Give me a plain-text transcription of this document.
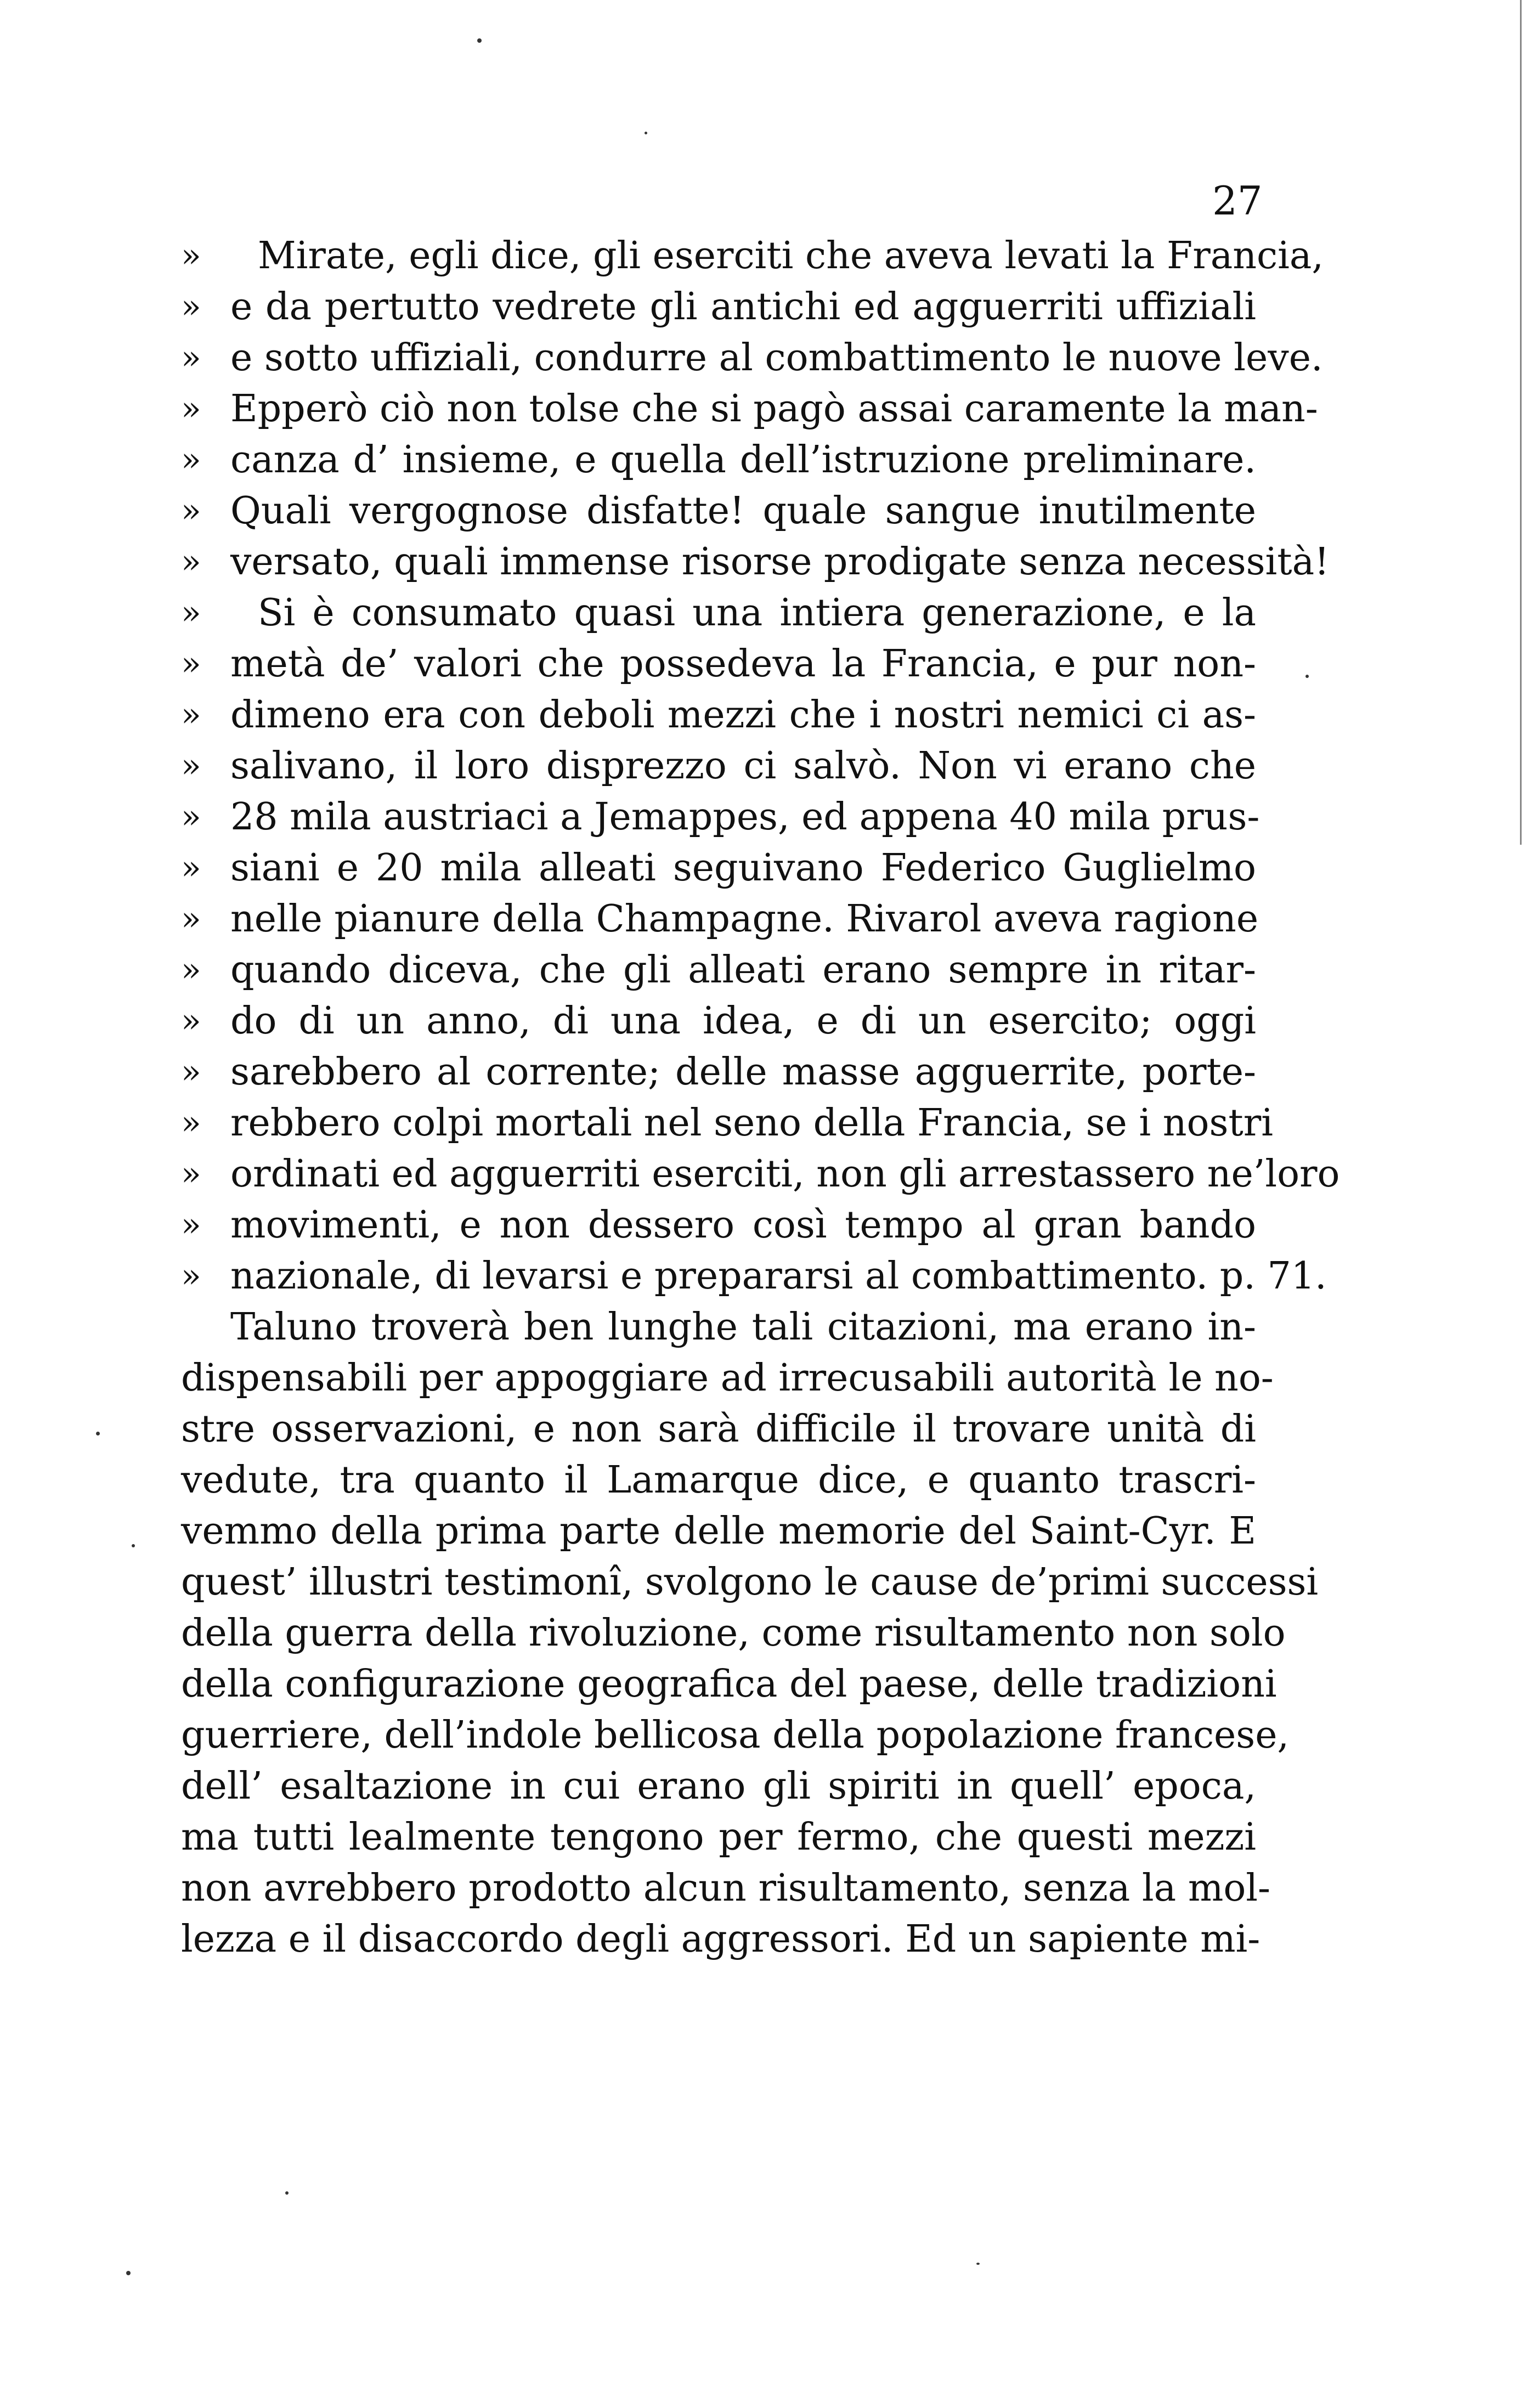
27
»	Mirate, egli dice, gli eserciti che aveva levati la Francia,
» e da pertutto vedrete gli antichi ed agguerriti uffiziali
» e sotto uffiziali, condurre al combattimento le nuove leve.
» Epperò ciò non tolse che si pagò assai caramente la man-
» canza d’ insieme, e quella dell’istruzione preliminare.
» Quali vergognose disfatte! quale sangue inutilmente
» versato, quali immense risorse prodigate senza necessità!
»	Si è consumato quasi una intiera generazione, e la
» metà de’ valori che possedeva la Francia, e pur non-
» dimeno era con deboli mezzi che i nostri nemici ci as-
» salivano, il loro disprezzo ci salvò. Non vi erano che
» 28 mila austriaci a Jemappes, ed appena 40 mila prus-
» siani e 20 mila alleati seguivano Federico Guglielmo
» nelle pianure della Champagne. Rivarol aveva ragione
» quando diceva, che gli alleati erano sempre in ritar-
» do di un anno, di una idea, e di un esercito; oggi
» sarebbero al corrente; delle masse agguerrite, porte-
» rebbero colpi mortali nel seno della Francia, se i nostri
» ordinati ed agguerriti eserciti, non gli arrestassero ne’loro
» movimenti, e non dessero così tempo al gran bando
» nazionale, di levarsi e prepararsi al combattimento. p. 71.
Taluno troverà ben lunghe tali citazioni, ma erano in-
dispensabili per appoggiare ad irrecusabili autorità le no-
stre osservazioni, e non sarà difficile il trovare unità di
vedute, tra quanto il Lamarque dice, e quanto trascri-
vemmo della prima parte delle memorie del Saint-Cyr. E
quest’ illustri testimonî, svolgono le cause de’primi successi
della guerra della rivoluzione, come risultamento non solo
della configurazione geografica del paese, delle tradizioni
guerriere, dell’indole bellicosa della popolazione francese,
dell’ esaltazione in cui erano gli spiriti in quell’ epoca,
ma tutti lealmente tengono per fermo, che questi mezzi
non avrebbero prodotto alcun risultamento, senza la mol-
lezza e il disaccordo degli aggressori. Ed un sapiente mi-
